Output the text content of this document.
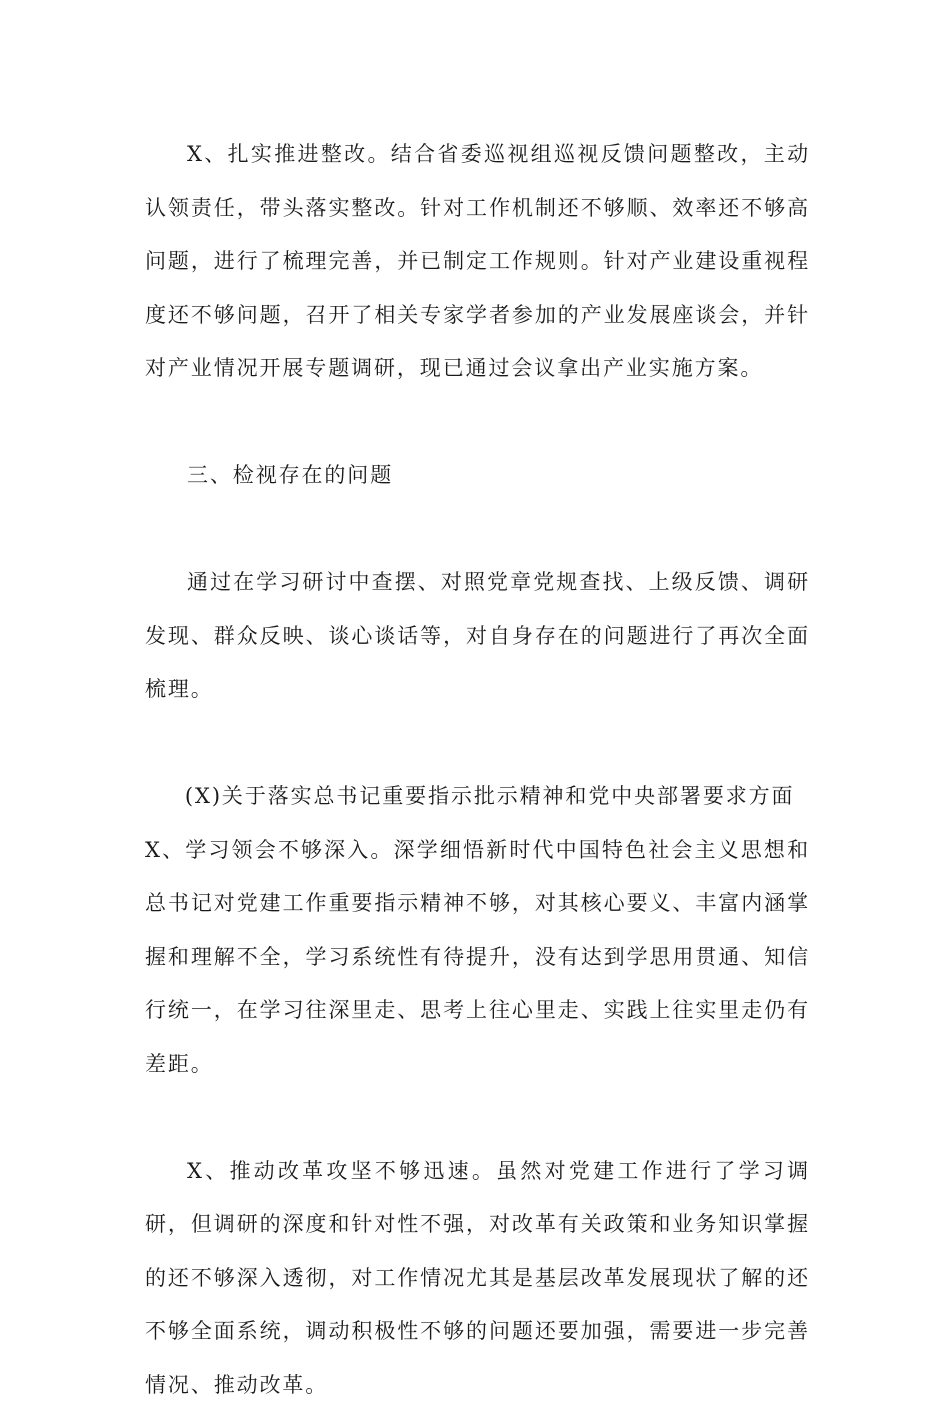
X、扎实推进整改。结合省委巡视组巡视反馈问题整改，主动认领责任，带头落实整改。针对工作机制还不够顺、效率还不够高问题，进行了梳理完善，并已制定工作规则。针对产业建设重视程度还不够问题，召开了相关专家学者参加的产业发展座谈会，并针对产业情况开展专题调研，现已通过会议拿出产业实施方案。

三、检视存在的问题

通过在学习研讨中查摆、对照党章党规查找、上级反馈、调研发现、群众反映、谈心谈话等，对自身存在的问题进行了再次全面梳理。

(X)关于落实总书记重要指示批示精神和党中央部署要求方面

X、学习领会不够深入。深学细悟新时代中国特色社会主义思想和总书记对党建工作重要指示精神不够，对其核心要义、丰富内涵掌握和理解不全，学习系统性有待提升，没有达到学思用贯通、知信行统一，在学习往深里走、思考上往心里走、实践上往实里走仍有差距。

X、推动改革攻坚不够迅速。虽然对党建工作进行了学习调研，但调研的深度和针对性不强，对改革有关政策和业务知识掌握的还不够深入透彻，对工作情况尤其是基层改革发展现状了解的还不够全面系统，调动积极性不够的问题还要加强，需要进一步完善情况、推动改革。
